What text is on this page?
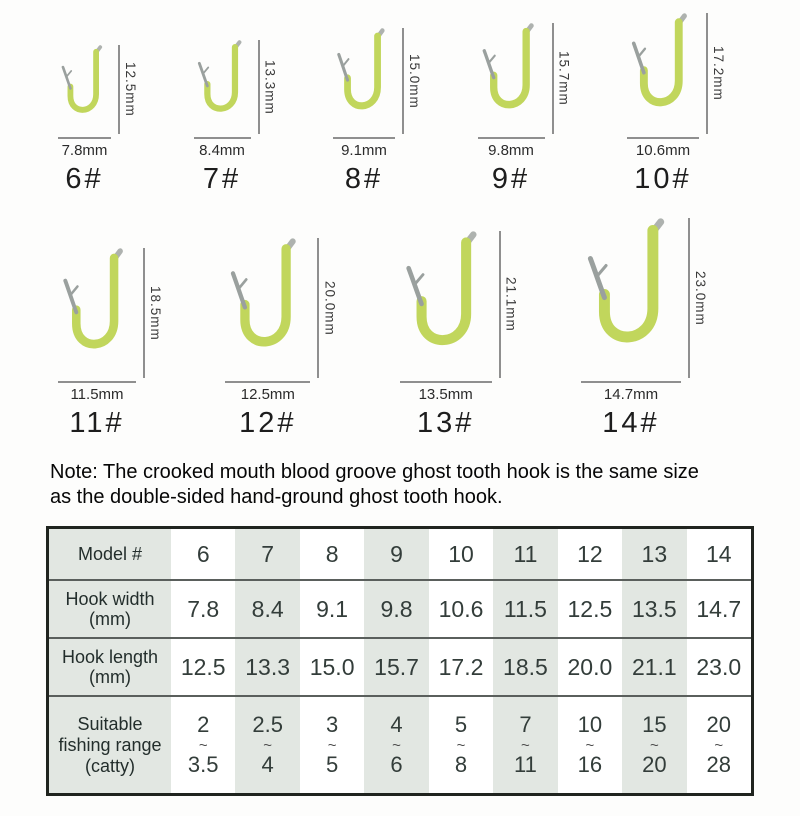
7.8mm
6#
12.5mm
8.4mm
7#
13.3mm
9.1mm
8#
15.0mm
9.8mm
9#
15.7mm
10.6mm
10#
17.2mm
11.5mm
11#
18.5mm
12.5mm
12#
20.0mm
13.5mm
13#
21.1mm
14.7mm
14#
23.0mm
Note: The crooked mouth blood groove ghost tooth hook is the same size
as the double-sided hand-ground ghost tooth hook.
Model # 6 7 8 9 10 11 12 13 14
Hook width
(mm) 7.8 8.4 9.1 9.8 10.6 11.5 12.5 13.5 14.7
Hook length
(mm) 12.5 13.3 15.0 15.7 17.2 18.5 20.0 21.1 23.0
Suitable
fishing range
(catty)
2
~
3.5
2.5
~
4
3
~
5
4
~
6
5
~
8
7
~
11
10
~
16
15
~
20
20
~
28
